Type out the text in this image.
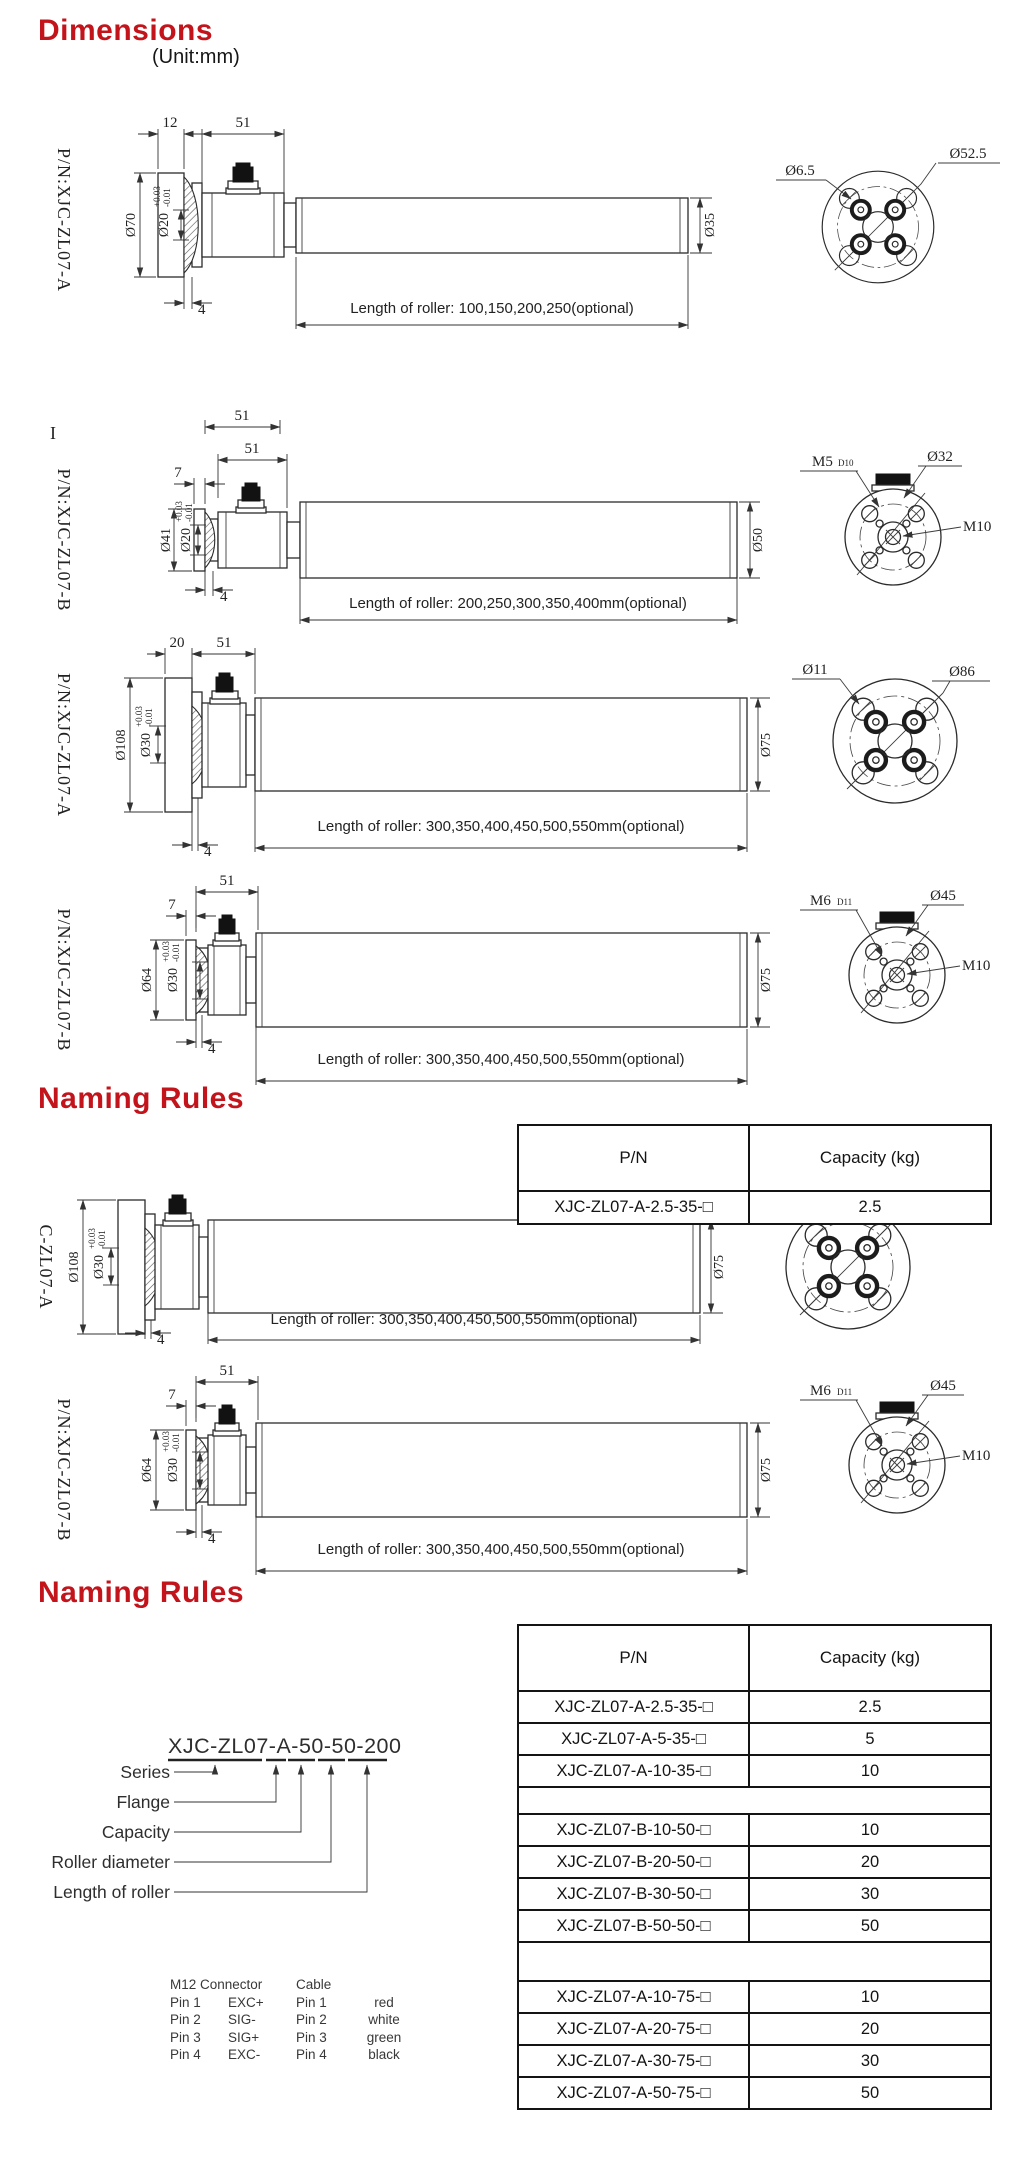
Dimensions
(Unit:mm)
P/N:XJC-ZL07-A
12	51
Ø70 Ø20
+0.03 -0.01
4
Ø35
Length of roller: 100,150,200,250(optional)
Ø52.5
Ø6.5
I
51
P/N:XJC-ZL07-B
51
7
Ø41 Ø20
+0.03 -0.01
4
Ø50
Length of roller: 200,250,300,350,400mm(optional)
M5 D10	Ø32
M10
P/N:XJC-ZL07-A
20 51
Ø108 Ø30
+0.03 -0.01
4
Ø75
Length of roller: 300,350,400,450,500,550mm(optional)
Ø86
Ø11
P/N:XJC-ZL07-B
51
7
Ø64 Ø30
+0.03 -0.01
4
Ø75
Length of roller: 300,350,400,450,500,550mm(optional)
M6 D11	Ø45
M10
Naming Rules
C-ZL07-A Ø108 Ø30
+0.03 -0.01
4
Ø75
Length of roller: 300,350,400,450,500,550mm(optional)
P/N	Capacity (kg)
XJC-ZL07-A-2.5-35-□	2.5
P/N:XJC-ZL07-B
51
7
Ø64 Ø30
+0.03 -0.01
4
Ø75
Length of roller: 300,350,400,450,500,550mm(optional)
M6 D11	Ø45
M10
Naming Rules
P/N	Capacity (kg)
XJC-ZL07-A-2.5-35-□	2.5
XJC-ZL07-A-5-35-□	5
XJC-ZL07-A-10-35-□	10
XJC-ZL07-B-10-50-□	10
XJC-ZL07-B-20-50-□	20
XJC-ZL07-B-30-50-□	30
XJC-ZL07-B-50-50-□	50
XJC-ZL07-A-10-75-□	10
XJC-ZL07-A-20-75-□	20
XJC-ZL07-A-30-75-□	30
XJC-ZL07-A-50-75-□	50
XJC-ZL07-A-50-50-200
Series
Flange
Capacity
Roller diameter
Length of roller
M12 Connector	Cable
Pin 1	EXC+	Pin 1	red
Pin 2	SIG-	Pin 2	white
Pin 3	SIG+	Pin 3	green
Pin 4	EXC-	Pin 4	black
